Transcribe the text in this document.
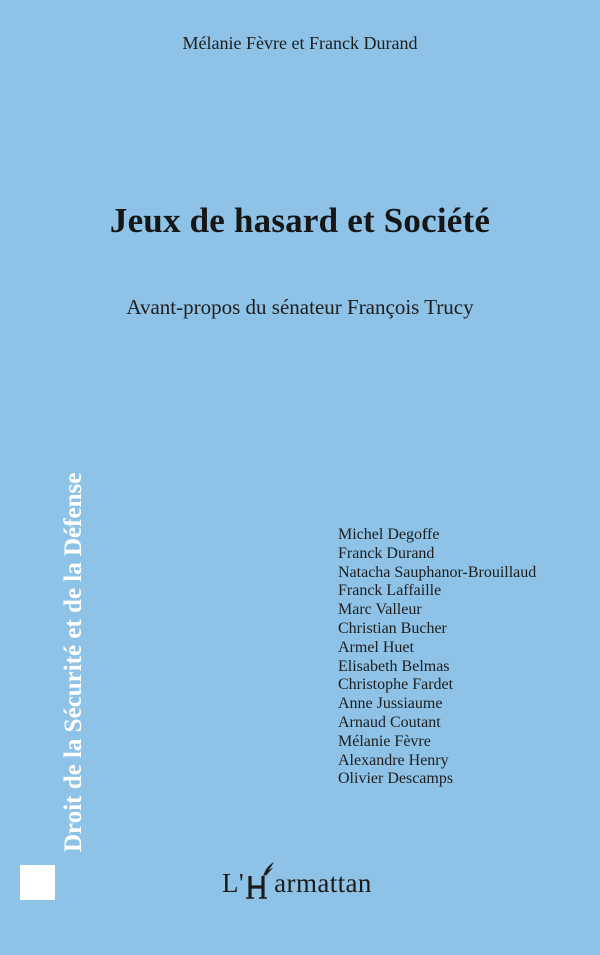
Mélanie Fèvre et Franck Durand
Jeux de hasard et Société
Avant-propos du sénateur François Trucy
Droit de la Sécurité et de la Défense	Michel Degoffe
Franck Durand
Natacha Sauphanor-Brouillaud
Franck Laffaille
Marc Valleur
Christian Bucher
Armel Huet
Elisabeth Belmas
Christophe Fardet
Anne Jussiaume
Arnaud Coutant
Mélanie Fèvre
Alexandre Henry
Olivier Descamps
L' armattan
